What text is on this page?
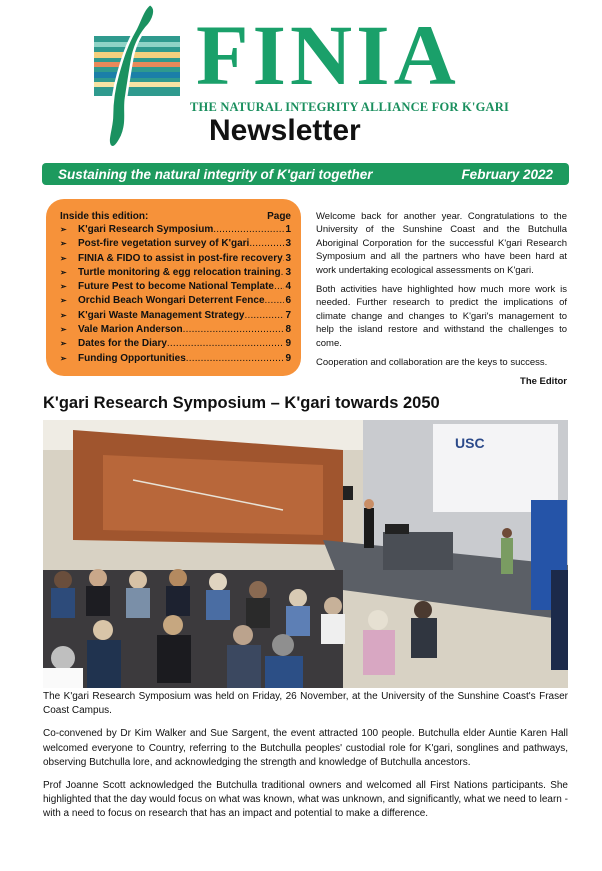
FINIA
THE NATURAL INTEGRITY ALLIANCE FOR K'GARI
Newsletter
Sustaining the natural integrity of K'gari together	February 2022
Inside this edition:	Page
➢	K'gari Research Symposium .....	1
➢	Post-fire vegetation survey of K'gari .....	3
➢	FINIA & FIDO to assist in post-fire recovery ..... 3
➢	Turtle monitoring & egg relocation training ..... 3
➢	Future Pest to become National Template ..... 4
➢	Orchid Beach Wongari Deterrent Fence ..... 6
➢	K'gari Waste Management Strategy .....	7
➢	Vale Marion Anderson .....	8
➢	Dates for the Diary .....	9
➢	Funding Opportunities .....	9

Welcome back for another year. Congratulations to the University of the Sunshine Coast and the Butchulla Aboriginal Corporation for the successful K'gari Research Symposium and all the partners who have been hard at work undertaking ecological assessments on K'gari.

Both activities have highlighted how much more work is needed. Further research to predict the implications of climate change and changes to K'gari's management to help the island restore and withstand the challenges to come.

Cooperation and collaboration are the keys to success.

The Editor

K'gari Research Symposium – K'gari towards 2050
USC

The K'gari Research Symposium was held on Friday, 26 November, at the University of the Sunshine Coast's Fraser Coast Campus.

Co-convened by Dr Kim Walker and Sue Sargent, the event attracted 100 people. Butchulla elder Auntie Karen Hall welcomed everyone to Country, referring to the Butchulla peoples' custodial role for K'gari, songlines and pathways, observing Butchulla lore, and acknowledging the strength and knowledge of Butchulla ancestors.

Prof Joanne Scott acknowledged the Butchulla traditional owners and welcomed all First Nations participants. She highlighted that the day would focus on what was known, what was unknown, and significantly, what we need to learn - with a need to focus on research that has an impact and potential to make a difference.
